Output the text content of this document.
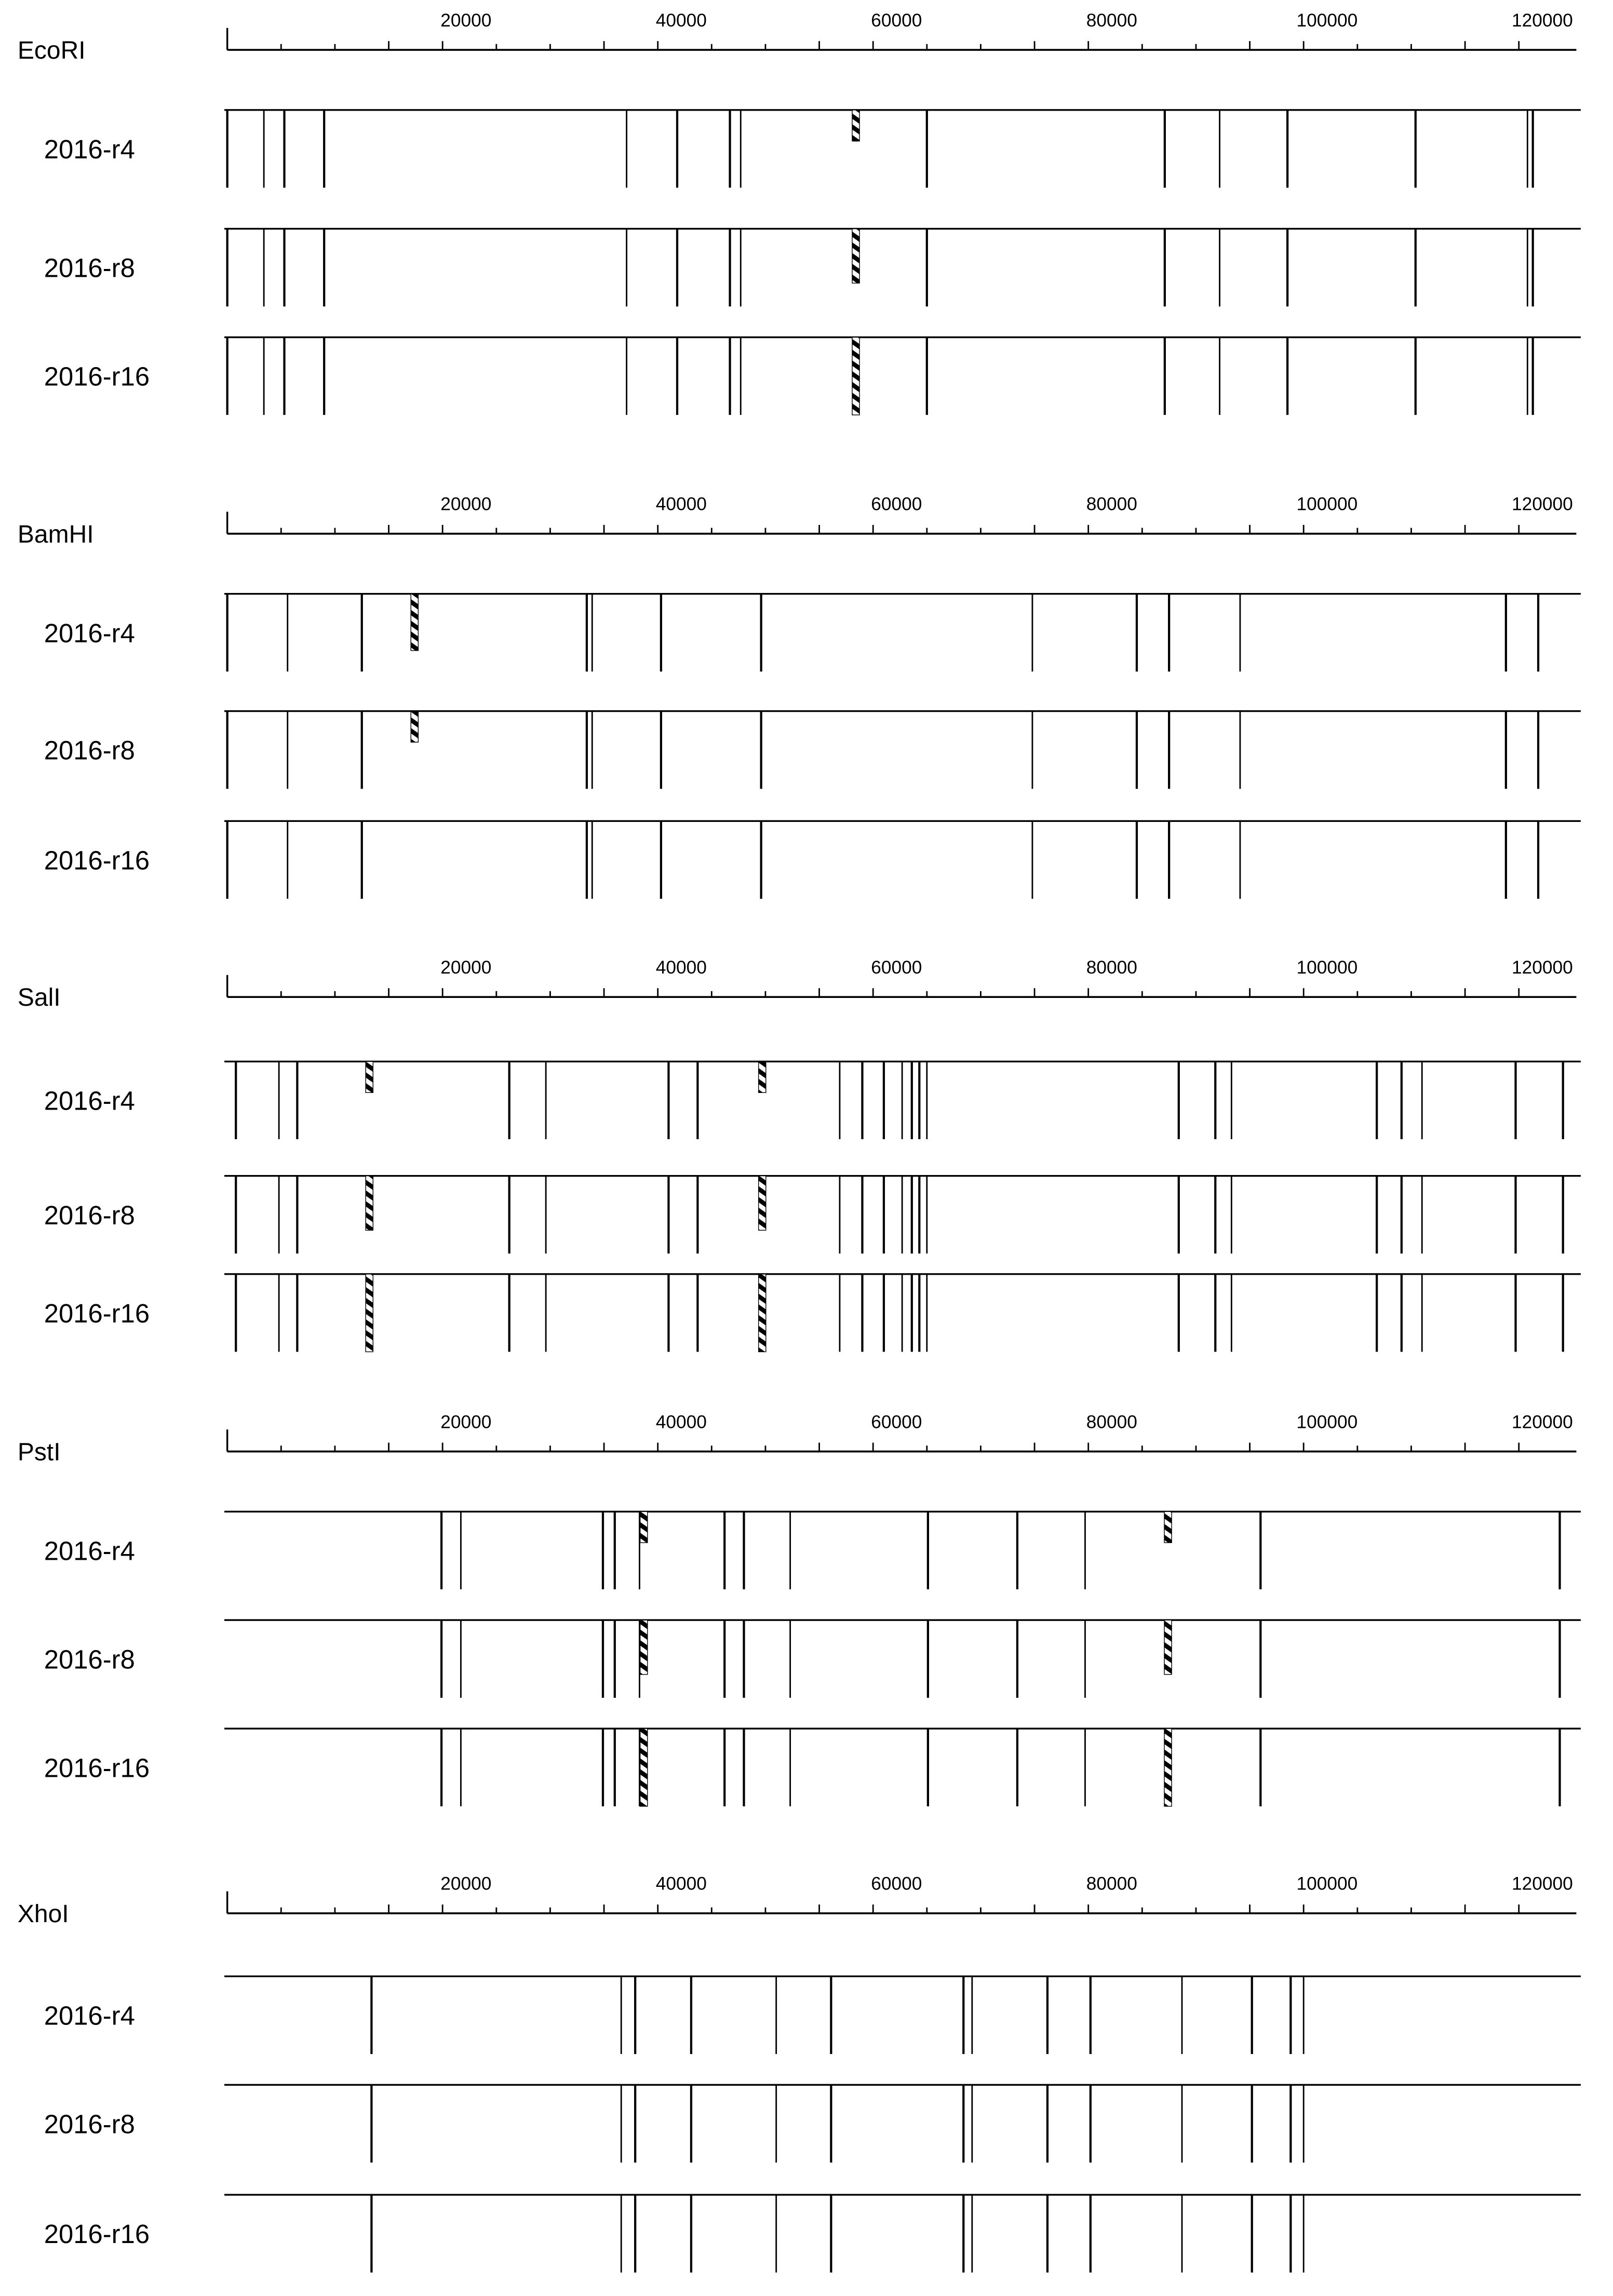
EcoRI
20000	40000	60000	80000	100000	120000
2016-r4
2016-r8
2016-r16
BamHI
20000	40000	60000	80000	100000	120000
2016-r4
2016-r8
2016-r16
SalI
20000	40000	60000	80000	100000	120000
2016-r4
2016-r8
2016-r16
PstI
20000	40000	60000	80000	100000	120000
2016-r4
2016-r8
2016-r16
XhoI
20000	40000	60000	80000	100000	120000
2016-r4
2016-r8
2016-r16
